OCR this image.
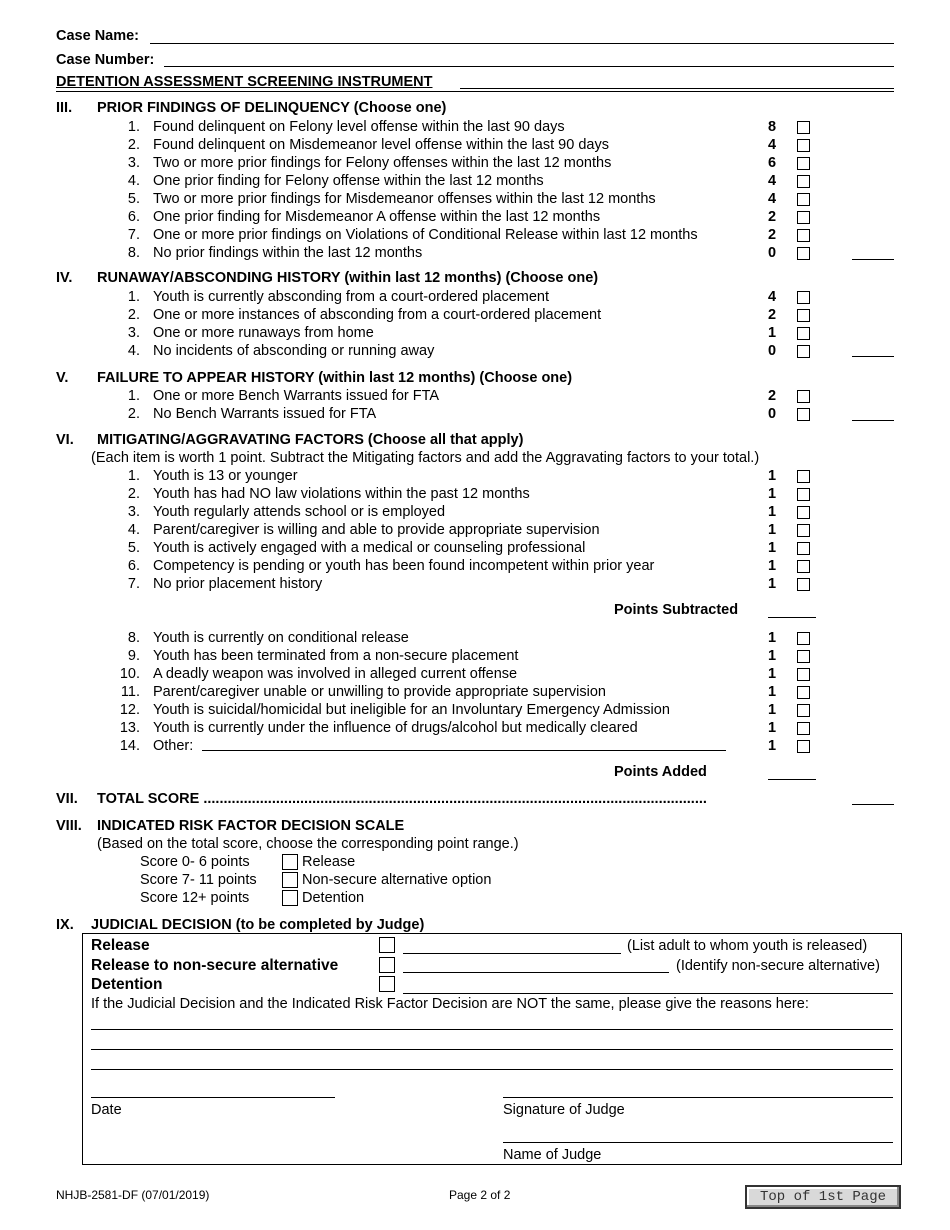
Case Name:
Case Number:
DETENTION ASSESSMENT SCREENING INSTRUMENT
III. PRIOR FINDINGS OF DELINQUENCY (Choose one)
1. Found delinquent on Felony level offense within the last 90 days	8
2. Found delinquent on Misdemeanor level offense within the last 90 days	4
3. Two or more prior findings for Felony offenses within the last 12 months	6
4. One prior finding for Felony offense within the last 12 months	4
5. Two or more prior findings for Misdemeanor offenses within the last 12 months	4
6. One prior finding for Misdemeanor A offense within the last 12 months	2
7. One or more prior findings on Violations of Conditional Release within last 12 months	2
8. No prior findings within the last 12 months	0
IV. RUNAWAY/ABSCONDING HISTORY (within last 12 months) (Choose one)
1. Youth is currently absconding from a court-ordered placement	4
2. One or more instances of absconding from a court-ordered placement	2
3. One or more runaways from home	1
4. No incidents of absconding or running away	0
V. FAILURE TO APPEAR HISTORY (within last 12 months) (Choose one)
1. One or more Bench Warrants issued for FTA	2
2. No Bench Warrants issued for FTA	0
VI. MITIGATING/AGGRAVATING FACTORS (Choose all that apply)
(Each item is worth 1 point. Subtract the Mitigating factors and add the Aggravating factors to your total.)
1. Youth is 13 or younger	1
2. Youth has had NO law violations within the past 12 months	1
3. Youth regularly attends school or is employed	1
4. Parent/caregiver is willing and able to provide appropriate supervision	1
5. Youth is actively engaged with a medical or counseling professional	1
6. Competency is pending or youth has been found incompetent within prior year	1
7. No prior placement history	1
Points Subtracted
8. Youth is currently on conditional release	1
9. Youth has been terminated from a non-secure placement	1
10. A deadly weapon was involved in alleged current offense	1
11. Parent/caregiver unable or unwilling to provide appropriate supervision	1
12. Youth is suicidal/homicidal but ineligible for an Involuntary Emergency Admission	1
13. Youth is currently under the influence of drugs/alcohol but medically cleared	1
14. Other:	1
Points Added
VII. TOTAL SCORE .............................................................................................................................
VIII. INDICATED RISK FACTOR DECISION SCALE
(Based on the total score, choose the corresponding point range.)
Score 0- 6 points	Release
Score 7- 11 points	Non-secure alternative option
Score 12+ points	Detention
IX. JUDICIAL DECISION (to be completed by Judge)
Release	(List adult to whom youth is released)
Release to non-secure alternative	(Identify non-secure alternative)
Detention
If the Judicial Decision and the Indicated Risk Factor Decision are NOT the same, please give the reasons here:
Date	Signature of Judge
Name of Judge
NHJB-2581-DF (07/01/2019)	Page 2 of 2	Top of 1st Page
